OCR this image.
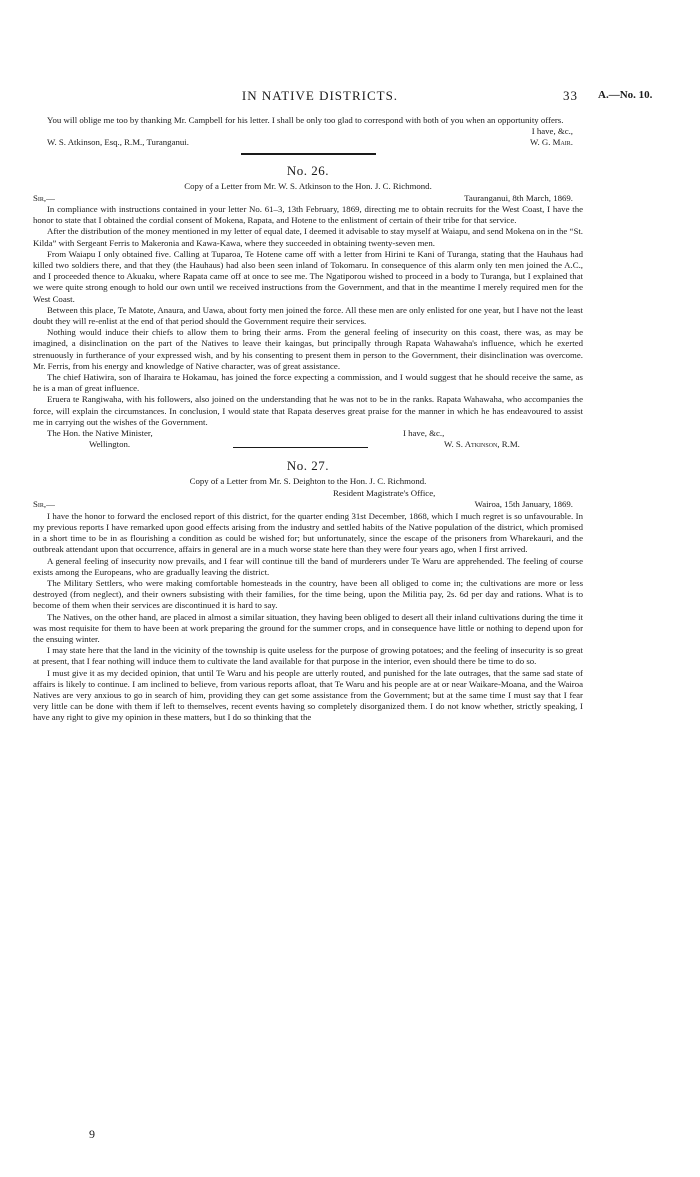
IN NATIVE DISTRICTS.	33 A.—No. 10.

You will oblige me too by thanking Mr. Campbell for his letter. I shall be only too glad to correspond with both of you when an opportunity offers.

I have, &c.,
W. S. Atkinson, Esq., R.M., Turanganui.	W. G. Mair.
No. 26.
Copy of a Letter from Mr. W. S. Atkinson to the Hon. J. C. Richmond.
Sir,—	Tauranganui, 8th March, 1869.

In compliance with instructions contained in your letter No. 61–3, 13th February, 1869, directing me to obtain recruits for the West Coast, I have the honor to state that I obtained the cordial consent of Mokena, Rapata, and Hotene to the enlistment of certain of their tribe for that service.

After the distribution of the money mentioned in my letter of equal date, I deemed it advisable to stay myself at Waiapu, and send Mokena on in the “St. Kilda” with Sergeant Ferris to Makeronia and Kawa-Kawa, where they succeeded in obtaining twenty-seven men.

From Waiapu I only obtained five. Calling at Tuparoa, Te Hotene came off with a letter from Hirini te Kani of Turanga, stating that the Hauhaus had killed two soldiers there, and that they (the Hauhaus) had also been seen inland of Tokomaru. In consequence of this alarm only ten men joined the A.C., and I proceeded thence to Akuaku, where Rapata came off at once to see me. The Ngatiporou wished to proceed in a body to Turanga, but I explained that we were quite strong enough to hold our own until we received instructions from the Government, and that in the meantime I merely required men for the West Coast.

Between this place, Te Matote, Anaura, and Uawa, about forty men joined the force. All these men are only enlisted for one year, but I have not the least doubt they will re-enlist at the end of that period should the Government require their services.

Nothing would induce their chiefs to allow them to bring their arms. From the general feeling of insecurity on this coast, there was, as may be imagined, a disinclination on the part of the Natives to leave their kaingas, but principally through Rapata Wahawaha's influence, which he exerted strenuously in furtherance of your expressed wish, and by his consenting to present them in person to the Government, their disinclination was overcome. Mr. Ferris, from his energy and knowledge of Native character, was of great assistance.

The chief Hatiwira, son of Iharaira te Hokamau, has joined the force expecting a commission, and I would suggest that he should receive the same, as he is a man of great influence.

Eruera te Rangiwaha, with his followers, also joined on the understanding that he was not to be in the ranks. Rapata Wahawaha, who accompanies the force, will explain the circumstances. In conclusion, I would state that Rapata deserves great praise for the manner in which he has endeavoured to assist me in carrying out the wishes of the Government.

The Hon. the Native Minister,
Wellington.
I have, &c.,
W. S. Atkinson, R.M.
No. 27.
Copy of a Letter from Mr. S. Deighton to the Hon. J. C. Richmond.
Resident Magistrate's Office,
Sir,—	Wairoa, 15th January, 1869.

I have the honor to forward the enclosed report of this district, for the quarter ending 31st December, 1868, which I much regret is so unfavourable. In my previous reports I have remarked upon good effects arising from the industry and settled habits of the Native population of the district, which promised in a short time to be in as flourishing a condition as could be wished for; but unfortunately, since the escape of the prisoners from Wharekauri, and the outbreak attendant upon that occurrence, affairs in general are in a much worse state here than they were four years ago, when I first arrived.

A general feeling of insecurity now prevails, and I fear will continue till the band of murderers under Te Waru are apprehended. The feeling of course exists among the Europeans, who are gradually leaving the district.

The Military Settlers, who were making comfortable homesteads in the country, have been all obliged to come in; the cultivations are more or less destroyed (from neglect), and their owners subsisting with their families, for the time being, upon the Militia pay, 2s. 6d per day and rations. What is to become of them when their services are discontinued it is hard to say.

The Natives, on the other hand, are placed in almost a similar situation, they having been obliged to desert all their inland cultivations during the time it was most requisite for them to have been at work preparing the ground for the summer crops, and in consequence have little or nothing to depend upon for the ensuing winter.

I may state here that the land in the vicinity of the township is quite useless for the purpose of growing potatoes; and the feeling of insecurity is so great at present, that I fear nothing will induce them to cultivate the land available for that purpose in the interior, even should there be time to do so.

I must give it as my decided opinion, that until Te Waru and his people are utterly routed, and punished for the late outrages, that the same sad state of affairs is likely to continue. I am inclined to believe, from various reports afloat, that Te Waru and his people are at or near Waikare-Moana, and the Wairoa Natives are very anxious to go in search of him, providing they can get some assistance from the Government; but at the same time I must say that I fear very little can be done with them if left to themselves, recent events having so completely disorganized them. I do not know whether, strictly speaking, I have any right to give my opinion in these matters, but I do so thinking that the

9
